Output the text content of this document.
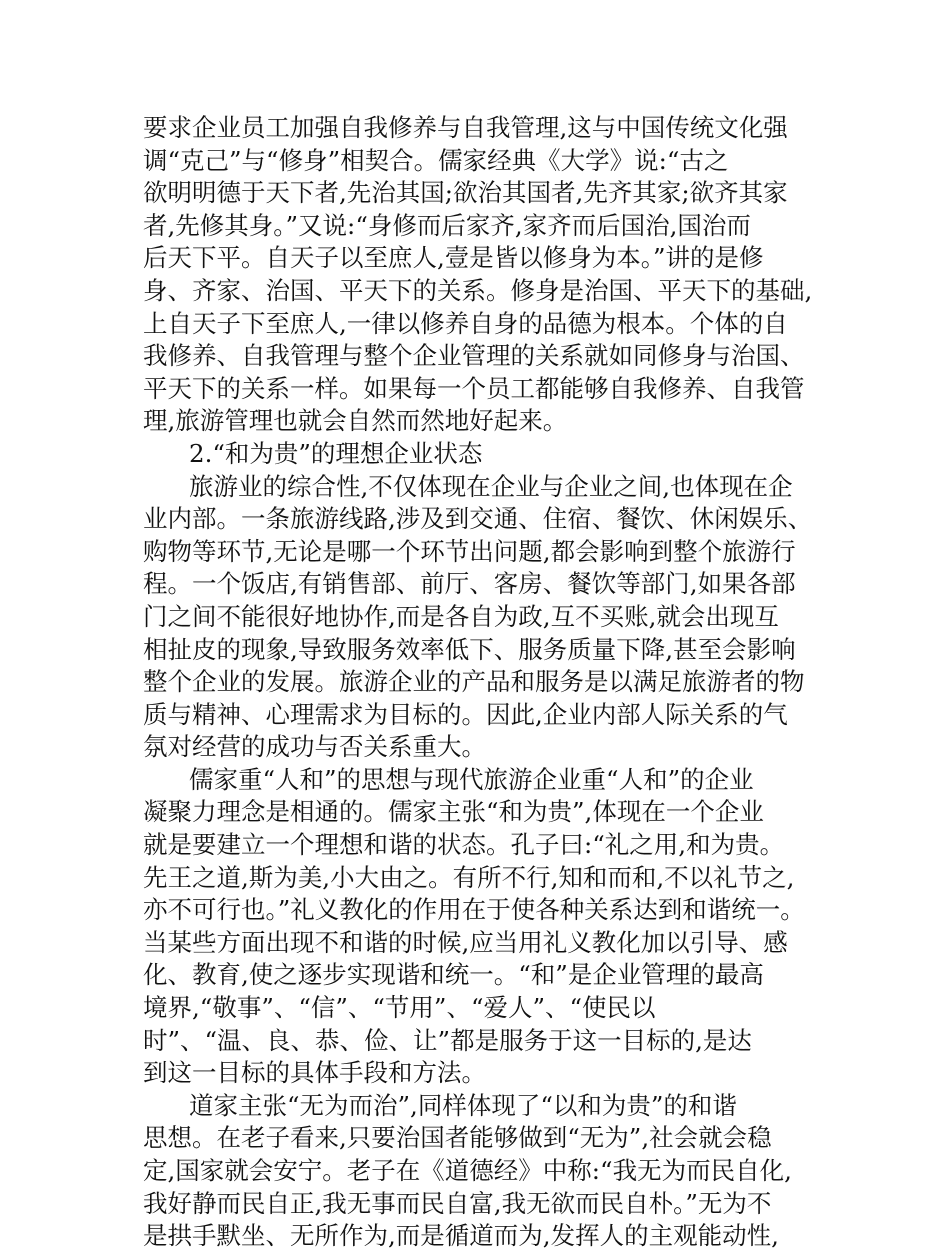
要求企业员工加强自我修养与自我管理,这与中国传统文化强
调“克己”与“修身”相契合。儒家经典《大学》说:“古之
欲明明德于天下者,先治其国;欲治其国者,先齐其家;欲齐其家
者,先修其身。”又说:“身修而后家齐,家齐而后国治,国治而
后天下平。自天子以至庶人,壹是皆以修身为本。”讲的是修
身、齐家、治国、平天下的关系。修身是治国、平天下的基础,
上自天子下至庶人,一律以修养自身的品德为根本。个体的自
我修养、自我管理与整个企业管理的关系就如同修身与治国、
平天下的关系一样。如果每一个员工都能够自我修养、自我管
理,旅游管理也就会自然而然地好起来。
2.“和为贵”的理想企业状态
旅游业的综合性,不仅体现在企业与企业之间,也体现在企
业内部。一条旅游线路,涉及到交通、住宿、餐饮、休闲娱乐、
购物等环节,无论是哪一个环节出问题,都会影响到整个旅游行
程。一个饭店,有销售部、前厅、客房、餐饮等部门,如果各部
门之间不能很好地协作,而是各自为政,互不买账,就会出现互
相扯皮的现象,导致服务效率低下、服务质量下降,甚至会影响
整个企业的发展。旅游企业的产品和服务是以满足旅游者的物
质与精神、心理需求为目标的。因此,企业内部人际关系的气
氛对经营的成功与否关系重大。
儒家重“人和”的思想与现代旅游企业重“人和”的企业
凝聚力理念是相通的。儒家主张“和为贵”,体现在一个企业
就是要建立一个理想和谐的状态。孔子曰:“礼之用,和为贵。
先王之道,斯为美,小大由之。有所不行,知和而和,不以礼节之,
亦不可行也。”礼义教化的作用在于使各种关系达到和谐统一。
当某些方面出现不和谐的时候,应当用礼义教化加以引导、感
化、教育,使之逐步实现谐和统一。“和”是企业管理的最高
境界,“敬事”、“信”、“节用”、“爱人”、“使民以
时”、“温、良、恭、俭、让”都是服务于这一目标的,是达
到这一目标的具体手段和方法。
道家主张“无为而治”,同样体现了“以和为贵”的和谐
思想。在老子看来,只要治国者能够做到“无为”,社会就会稳
定,国家就会安宁。老子在《道德经》中称:“我无为而民自化,
我好静而民自正,我无事而民自富,我无欲而民自朴。”无为不
是拱手默坐、无所作为,而是循道而为,发挥人的主观能动性,
